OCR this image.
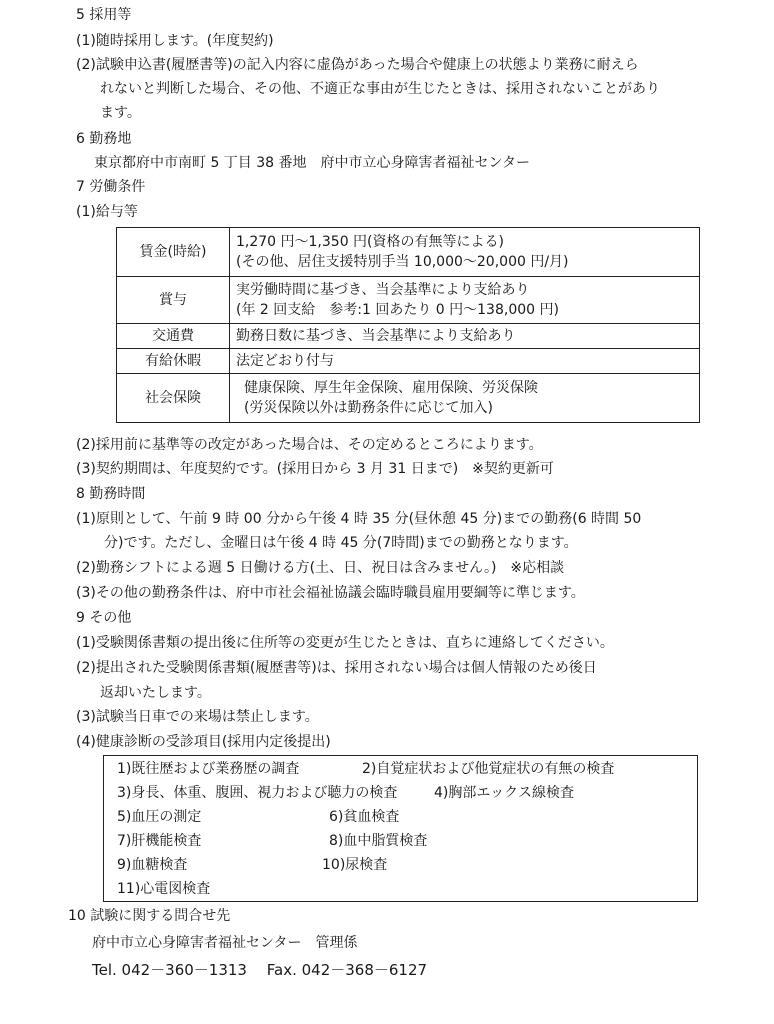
5 採用等
(1)随時採用します。(年度契約)
(2)試験申込書(履歴書等)の記入内容に虚偽があった場合や健康上の状態より業務に耐えら
れないと判断した場合、その他、不適正な事由が生じたときは、採用されないことがあり
ます。
6 勤務地
東京都府中市南町 5 丁目 38 番地　府中市立心身障害者福祉センター
7 労働条件
(1)給与等
賃金(時給)	1,270 円～1,350 円(資格の有無等による)
(その他、居住支援特別手当 10,000～20,000 円/月)

賞与	実労働時間に基づき、当会基準により支給あり
(年 2 回支給　参考:1 回あたり 0 円～138,000 円)

交通費	勤務日数に基づき、当会基準により支給あり
有給休暇	法定どおり付与
社会保険	健康保険、厚生年金保険、雇用保険、労災保険
(労災保険以外は勤務条件に応じて加入)
(2)採用前に基準等の改定があった場合は、その定めるところによります。
(3)契約期間は、年度契約です。(採用日から 3 月 31 日まで)　※契約更新可
8 勤務時間
(1)原則として、午前 9 時 00 分から午後 4 時 35 分(昼休憩 45 分)までの勤務(6 時間 50
分)です。ただし、金曜日は午後 4 時 45 分(7時間)までの勤務となります。
(2)勤務シフトによる週 5 日働ける方(土、日、祝日は含みません。)　※応相談
(3)その他の勤務条件は、府中市社会福祉協議会臨時職員雇用要綱等に準じます。
9 その他
(1)受験関係書類の提出後に住所等の変更が生じたときは、直ちに連絡してください。
(2)提出された受験関係書類(履歴書等)は、採用されない場合は個人情報のため後日
返却いたします。
(3)試験当日車での来場は禁止します。
(4)健康診断の受診項目(採用内定後提出)
1)既往歴および業務歴の調査	2)自覚症状および他覚症状の有無の検査
3)身長、体重、腹囲、視力および聴力の検査	4)胸部エックス線検査
5)血圧の測定	6)貧血検査
7)肝機能検査	8)血中脂質検査
9)血糖検査	10)尿検査
11)心電図検査
10 試験に関する問合せ先
府中市立心身障害者福祉センター　管理係
Tel. 042－360－1313　 Fax. 042－368－6127
